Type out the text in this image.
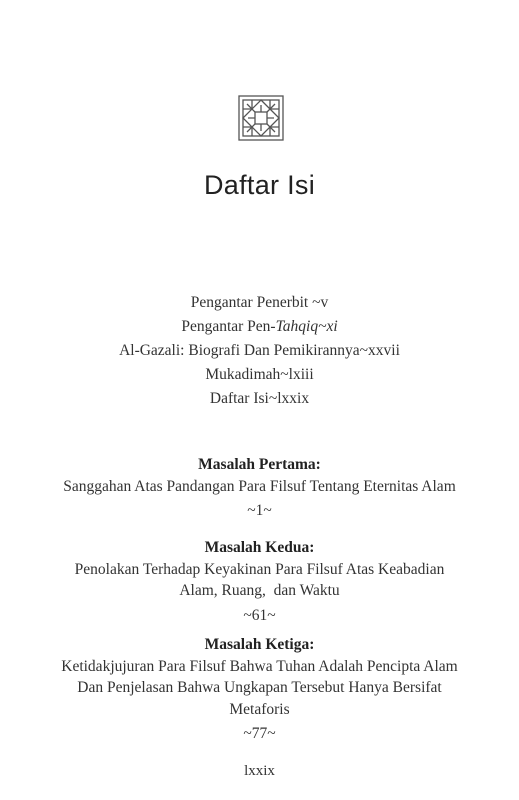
Daftar Isi
Pengantar Penerbit ~v
Pengantar Pen-Tahqiq~xi
Al-Gazali: Biografi Dan Pemikirannya~xxvii
Mukadimah~lxiii
Daftar Isi~lxxix
Masalah Pertama:
Sanggahan Atas Pandangan Para Filsuf Tentang Eternitas Alam
~1~
Masalah Kedua:
Penolakan Terhadap Keyakinan Para Filsuf Atas Keabadian
Alam, Ruang,  dan Waktu
~61~
Masalah Ketiga:
Ketidakjujuran Para Filsuf Bahwa Tuhan Adalah Pencipta Alam
Dan Penjelasan Bahwa Ungkapan Tersebut Hanya Bersifat
Metaforis
~77~
lxxix
